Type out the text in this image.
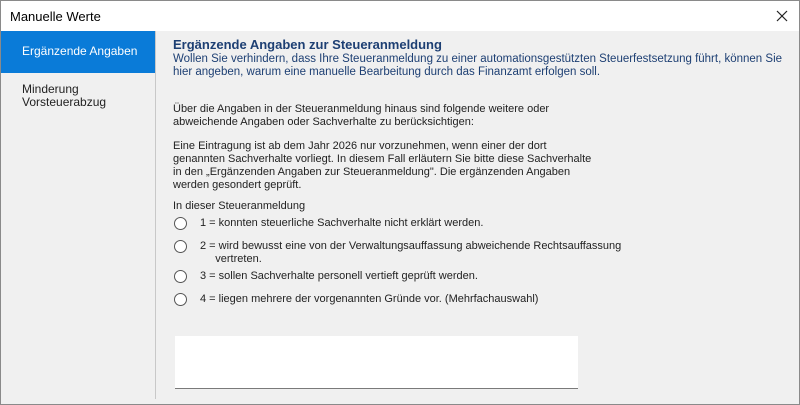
Manuelle Werte
Ergänzende Angaben
Minderung
Vorsteuerabzug

Ergänzende Angaben zur Steueranmeldung

Wollen Sie verhindern, dass Ihre Steueranmeldung zu einer automationsgestützten Steuerfestsetzung führt, können Sie hier angeben, warum eine manuelle Bearbeitung durch das Finanzamt erfolgen soll.
Über die Angaben in der Steueranmeldung hinaus sind folgende weitere oder abweichende Angaben oder Sachverhalte zu berücksichtigen:
Eine Eintragung ist ab dem Jahr 2026 nur vorzunehmen, wenn einer der dort genannten Sachverhalte vorliegt. In diesem Fall erläutern Sie bitte diese Sachverhalte in den „Ergänzenden Angaben zur Steueranmeldung". Die ergänzenden Angaben werden gesondert geprüft.
In dieser Steueranmeldung
1 = konnten steuerliche Sachverhalte nicht erklärt werden.
2 = wird bewusst eine von der Verwaltungsauffassung abweichende Rechtsauffassung
vertreten.
3 = sollen Sachverhalte personell vertieft geprüft werden.
4 = liegen mehrere der vorgenannten Gründe vor. (Mehrfachauswahl)
